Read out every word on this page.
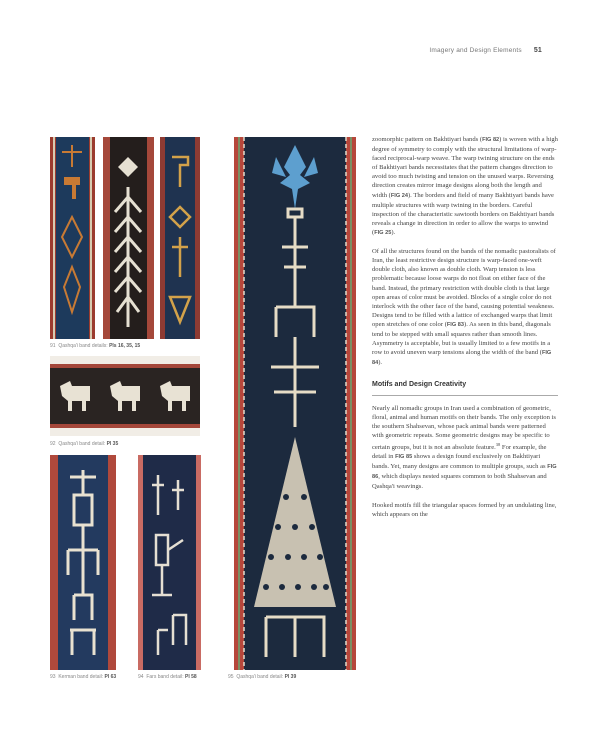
Imagery and Design Elements 51
91 Qashqa'i band details: Pls 16, 35, 15
92 Qashqa'i band detail: Pl 35
93 Kerman band detail: Pl 63	94 Fars band detail: Pl 58	95 Qashqa'i band detail: Pl 39

zoomorphic pattern on Bakhtiyari bands (FIG 82) is woven with a high degree of symmetry to comply with the structural limitations of warp-faced reciprocal-warp weave. The warp twining structure on the ends of Bakhtiyari bands necessitates that the pattern changes direction to avoid too much twisting and tension on the unused warps. Reversing direction creates mirror image designs along both the length and width (FIG 24). The borders and field of many Bakhtiyari bands have multiple structures with warp twining in the borders. Careful inspection of the characteristic sawtooth borders on Bakhtiyari bands reveals a change in direction in order to allow the warps to unwind (FIG 25).

Of all the structures found on the bands of the nomadic pastoralists of Iran, the least restrictive design structure is warp-faced one-weft double cloth, also known as double cloth. Warp tension is less problematic because loose warps do not float on either face of the band. Instead, the primary restriction with double cloth is that large open areas of color must be avoided. Blocks of a single color do not interlock with the other face of the band, causing potential weakness. Designs tend to be filled with a lattice of exchanged warps that limit open stretches of one color (FIG 83). As seen in this band, diagonals tend to be stepped with small squares rather than smooth lines. Asymmetry is acceptable, but is usually limited to a few motifs in a row to avoid uneven warp tensions along the width of the band (FIG 84).

Motifs and Design Creativity

Nearly all nomadic groups in Iran used a combination of geometric, floral, animal and human motifs on their bands. The only exception is the southern Shahsevan, whose pack animal bands were patterned with geometric repeats. Some geometric designs may be specific to certain groups, but it is not an absolute feature.$^{38}$ For example, the detail in FIG 85 shows a design found exclusively on Bakhtiyari bands. Yet, many designs are common to multiple groups, such as FIG 86, which displays nested squares common to both Shahsevan and Qashqa'i weavings.

Hooked motifs fill the triangular spaces formed by an undulating line, which appears on the
